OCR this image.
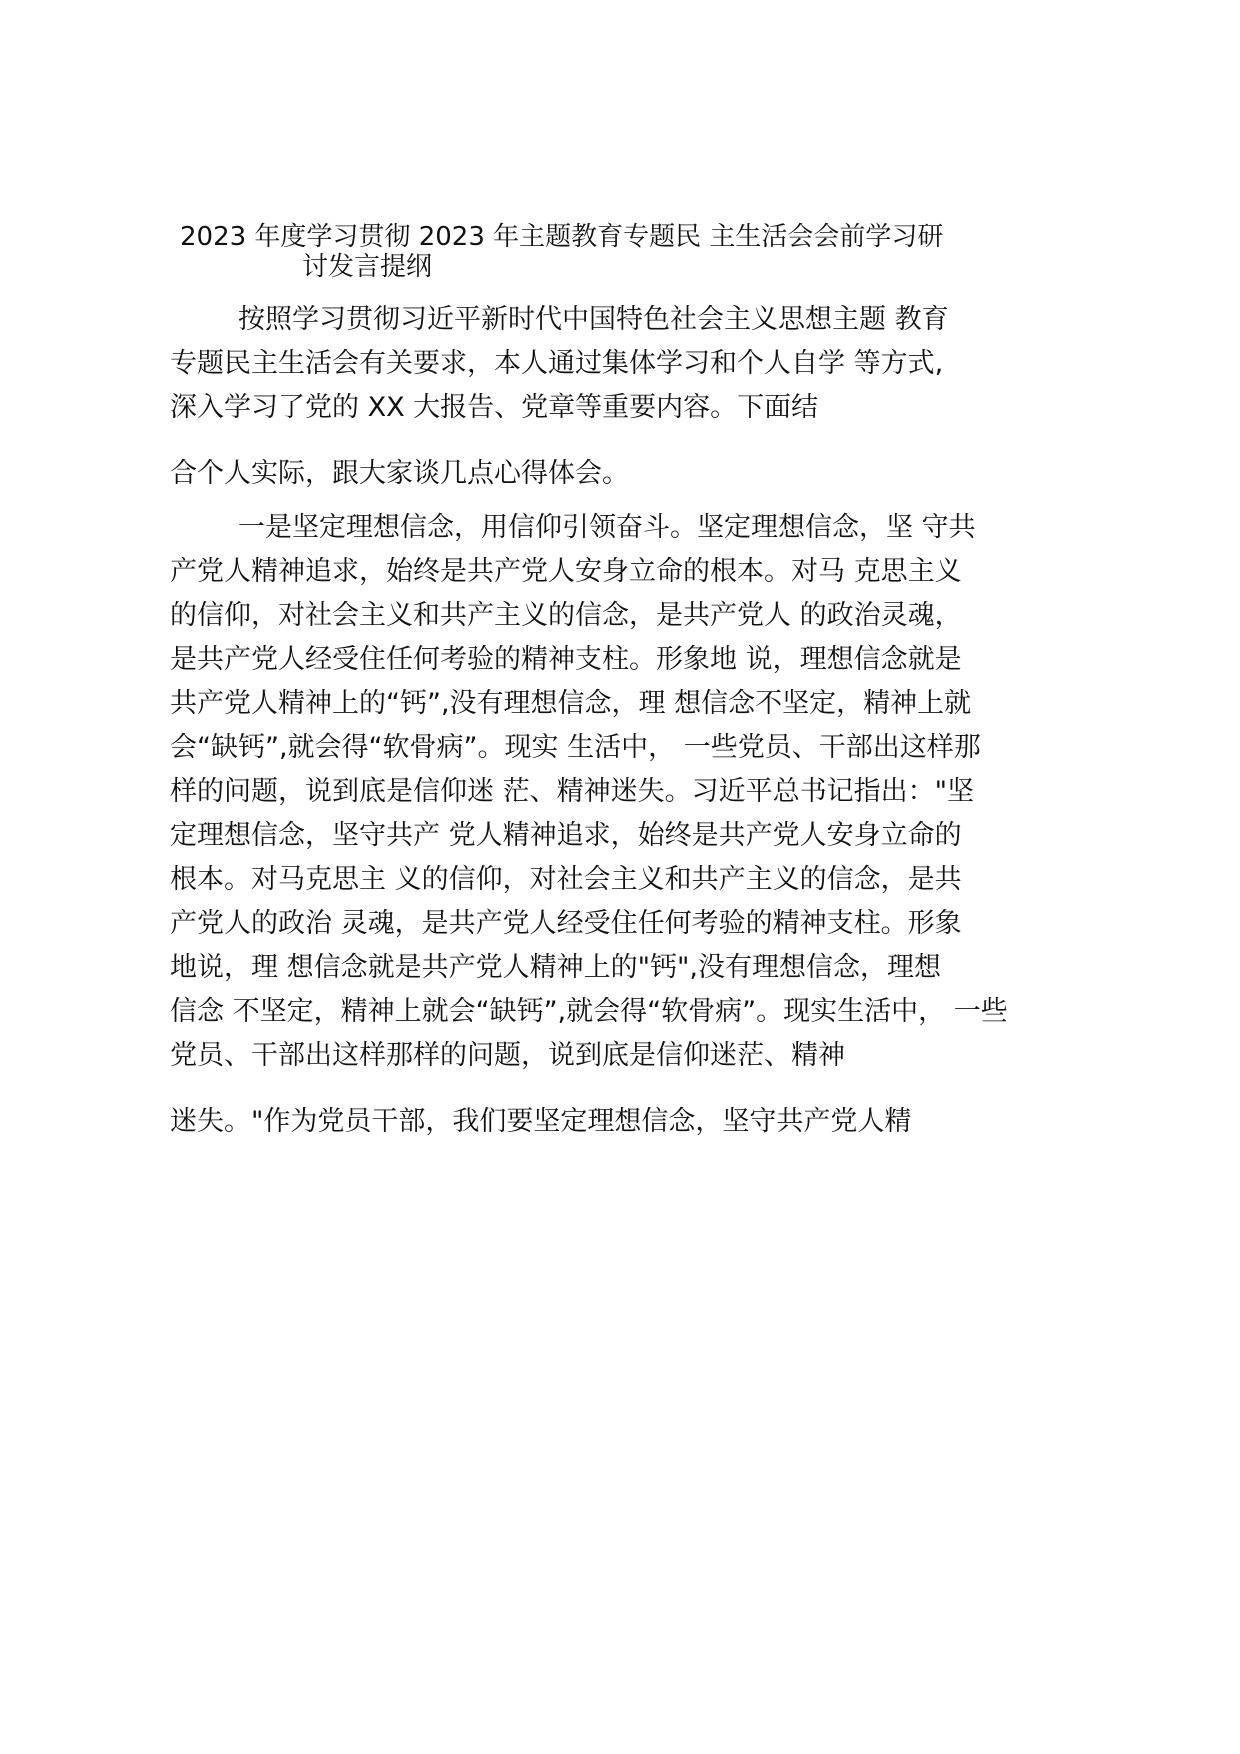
2023 年度学习贯彻 2023 年主题教育专题民 主生活会会前学习研
讨发言提纲
按照学习贯彻习近平新时代中国特色社会主义思想主题 教育
专题民主生活会有关要求，本人通过集体学习和个人自学 等方式,
深入学习了党的 XX 大报告、党章等重要内容。下面结
合个人实际，跟大家谈几点心得体会。
一是坚定理想信念，用信仰引领奋斗。坚定理想信念，坚 守共
产党人精神追求，始终是共产党人安身立命的根本。对马 克思主义
的信仰，对社会主义和共产主义的信念，是共产党人 的政治灵魂，
是共产党人经受住任何考验的精神支柱。形象地 说，理想信念就是
共产党人精神上的“钙”,没有理想信念，理 想信念不坚定，精神上就
会“缺钙”,就会得“软骨病”。现实 生活中， 一些党员、干部出这样那
样的问题，说到底是信仰迷 茫、精神迷失。习近平总书记指出："坚
定理想信念，坚守共产 党人精神追求，始终是共产党人安身立命的
根本。对马克思主 义的信仰，对社会主义和共产主义的信念，是共
产党人的政治 灵魂，是共产党人经受住任何考验的精神支柱。形象
地说，理 想信念就是共产党人精神上的"钙",没有理想信念，理想
信念 不坚定，精神上就会“缺钙”,就会得“软骨病”。现实生活中， 一些
党员、干部出这样那样的问题，说到底是信仰迷茫、精神
迷失。"作为党员干部，我们要坚定理想信念，坚守共产党人精
